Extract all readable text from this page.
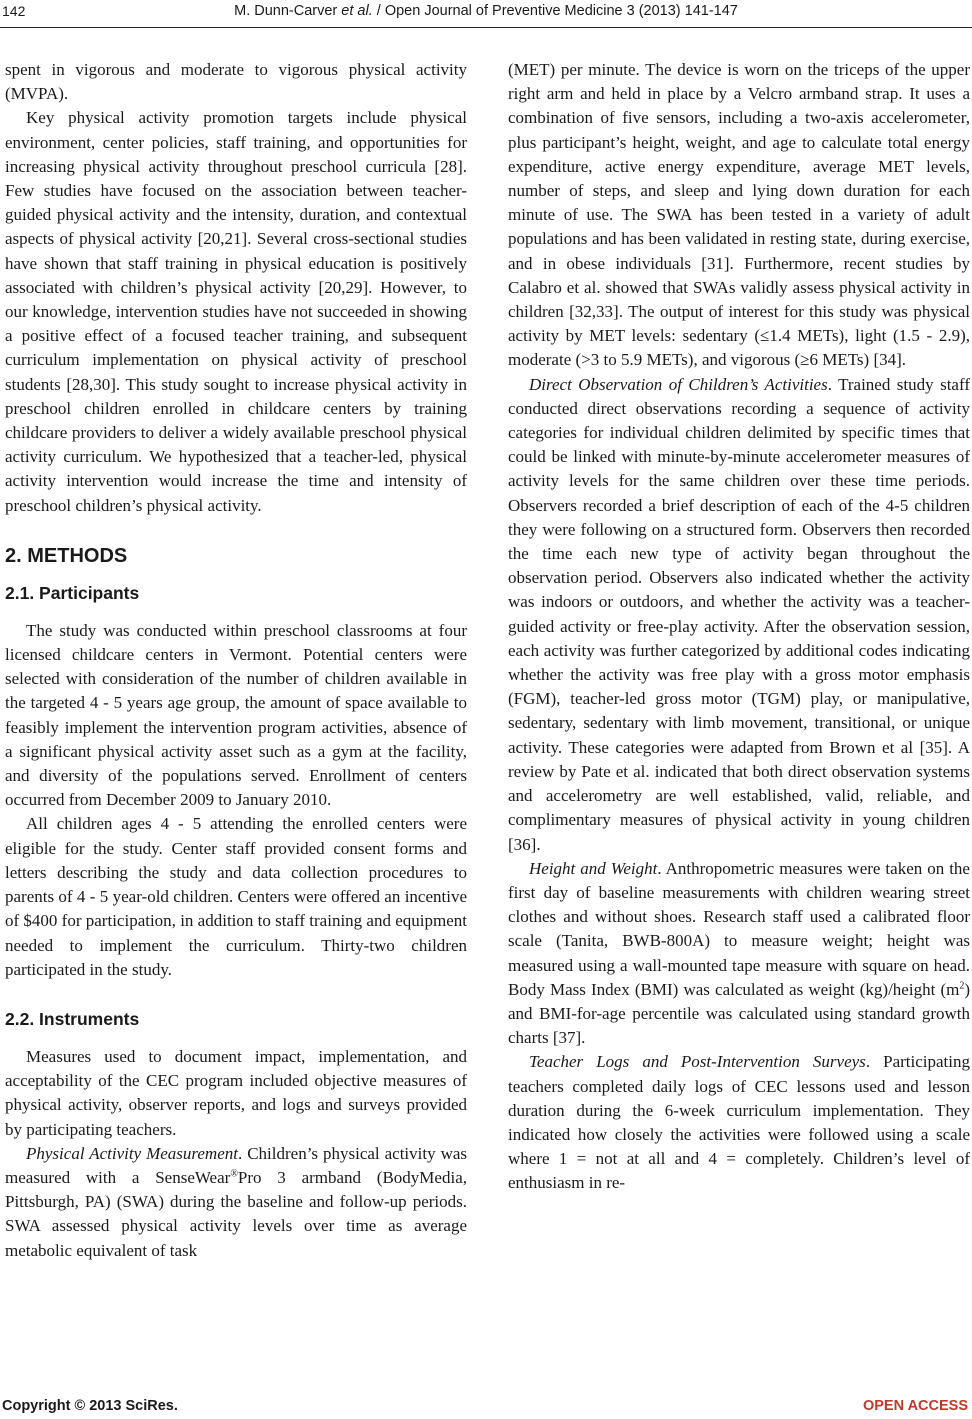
142	M. Dunn-Carver et al. / Open Journal of Preventive Medicine 3 (2013) 141-147

spent in vigorous and moderate to vigorous physical activity (MVPA).

Key physical activity promotion targets include physical environment, center policies, staff training, and opportunities for increasing physical activity throughout preschool curricula [28]. Few studies have focused on the association between teacher-guided physical activity and the intensity, duration, and contextual aspects of physical activity [20,21]. Several cross-sectional studies have shown that staff training in physical education is positively associated with children’s physical activity [20,29]. However, to our knowledge, intervention studies have not succeeded in showing a positive effect of a focused teacher training, and subsequent curriculum implementation on physical activity of preschool students [28,30]. This study sought to increase physical activity in preschool children enrolled in childcare centers by training childcare providers to deliver a widely available preschool physical activity curriculum. We hypothesized that a teacher-led, physical activity intervention would increase the time and intensity of preschool children’s physical activity.

2. METHODS
2.1. Participants

The study was conducted within preschool classrooms at four licensed childcare centers in Vermont. Potential centers were selected with consideration of the number of children available in the targeted 4 - 5 years age group, the amount of space available to feasibly implement the intervention program activities, absence of a significant physical activity asset such as a gym at the facility, and diversity of the populations served. Enrollment of centers occurred from December 2009 to January 2010.

All children ages 4 - 5 attending the enrolled centers were eligible for the study. Center staff provided consent forms and letters describing the study and data collection procedures to parents of 4 - 5 year-old children. Centers were offered an incentive of $400 for participation, in addition to staff training and equipment needed to implement the curriculum. Thirty-two children participated in the study.

2.2. Instruments

Measures used to document impact, implementation, and acceptability of the CEC program included objective measures of physical activity, observer reports, and logs and surveys provided by participating teachers.

Physical Activity Measurement. Children’s physical activity was measured with a SenseWear®Pro 3 armband (BodyMedia, Pittsburgh, PA) (SWA) during the baseline and follow-up periods. SWA assessed physical activity levels over time as average metabolic equivalent of task

(MET) per minute. The device is worn on the triceps of the upper right arm and held in place by a Velcro armband strap. It uses a combination of five sensors, including a two-axis accelerometer, plus participant’s height, weight, and age to calculate total energy expenditure, active energy expenditure, average MET levels, number of steps, and sleep and lying down duration for each minute of use. The SWA has been tested in a variety of adult populations and has been validated in resting state, during exercise, and in obese individuals [31]. Furthermore, recent studies by Calabro et al. showed that SWAs validly assess physical activity in children [32,33]. The output of interest for this study was physical activity by MET levels: sedentary (≤1.4 METs), light (1.5 - 2.9), moderate (>3 to 5.9 METs), and vigorous (≥6 METs) [34].

Direct Observation of Children’s Activities. Trained study staff conducted direct observations recording a sequence of activity categories for individual children delimited by specific times that could be linked with minute-by-minute accelerometer measures of activity levels for the same children over these time periods. Observers recorded a brief description of each of the 4-5 children they were following on a structured form. Observers then recorded the time each new type of activity began throughout the observation period. Observers also indicated whether the activity was indoors or outdoors, and whether the activity was a teacher-guided activity or free-play activity. After the observation session, each activity was further categorized by additional codes indicating whether the activity was free play with a gross motor emphasis (FGM), teacher-led gross motor (TGM) play, or manipulative, sedentary, sedentary with limb movement, transitional, or unique activity. These categories were adapted from Brown et al [35]. A review by Pate et al. indicated that both direct observation systems and accelerometry are well established, valid, reliable, and complimentary measures of physical activity in young children [36].

Height and Weight. Anthropometric measures were taken on the first day of baseline measurements with children wearing street clothes and without shoes. Research staff used a calibrated floor scale (Tanita, BWB-800A) to measure weight; height was measured using a wall-mounted tape measure with square on head. Body Mass Index (BMI) was calculated as weight (kg)/height $(m^2)$ and BMI-for-age percentile was calculated using standard growth charts [37].

Teacher Logs and Post-Intervention Surveys. Participating teachers completed daily logs of CEC lessons used and lesson duration during the 6-week curriculum implementation. They indicated how closely the activities were followed using a scale where 1 = not at all and 4 = completely. Children’s level of enthusiasm in re-

Copyright © 2013 SciRes.	OPEN ACCESS
